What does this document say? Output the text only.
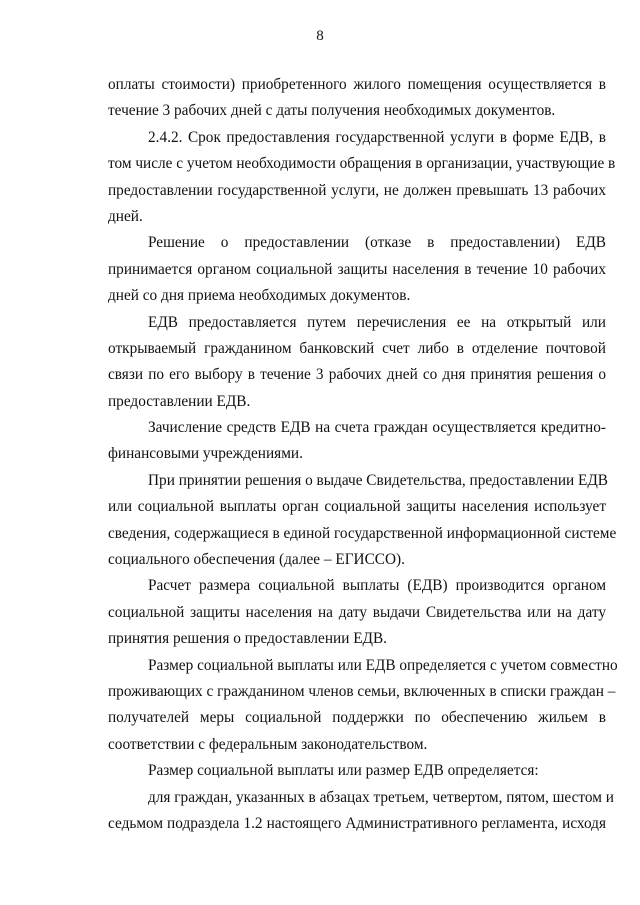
8
оплаты стоимости) приобретенного жилого помещения осуществляется в
течение 3 рабочих дней с даты получения необходимых документов.
2.4.2. Срок предоставления государственной услуги в форме ЕДВ, в
том числе с учетом необходимости обращения в организации, участвующие в
предоставлении государственной услуги, не должен превышать 13 рабочих
дней.
Решение о предоставлении (отказе в предоставлении) ЕДВ
принимается органом социальной защиты населения в течение 10 рабочих
дней со дня приема необходимых документов.
ЕДВ предоставляется путем перечисления ее на открытый или
открываемый гражданином банковский счет либо в отделение почтовой
связи по его выбору в течение 3 рабочих дней со дня принятия решения о
предоставлении ЕДВ.
Зачисление средств ЕДВ на счета граждан осуществляется кредитно-
финансовыми учреждениями.
При принятии решения о выдаче Свидетельства, предоставлении ЕДВ
или социальной выплаты орган социальной защиты населения использует
сведения, содержащиеся в единой государственной информационной системе
социального обеспечения (далее – ЕГИССО).
Расчет размера социальной выплаты (ЕДВ) производится органом
социальной защиты населения на дату выдачи Свидетельства или на дату
принятия решения о предоставлении ЕДВ.
Размер социальной выплаты или ЕДВ определяется с учетом совместно
проживающих с гражданином членов семьи, включенных в списки граждан –
получателей меры социальной поддержки по обеспечению жильем в
соответствии с федеральным законодательством.
Размер социальной выплаты или размер ЕДВ определяется:
для граждан, указанных в абзацах третьем, четвертом, пятом, шестом и
седьмом подраздела 1.2 настоящего Административного регламента, исходя
